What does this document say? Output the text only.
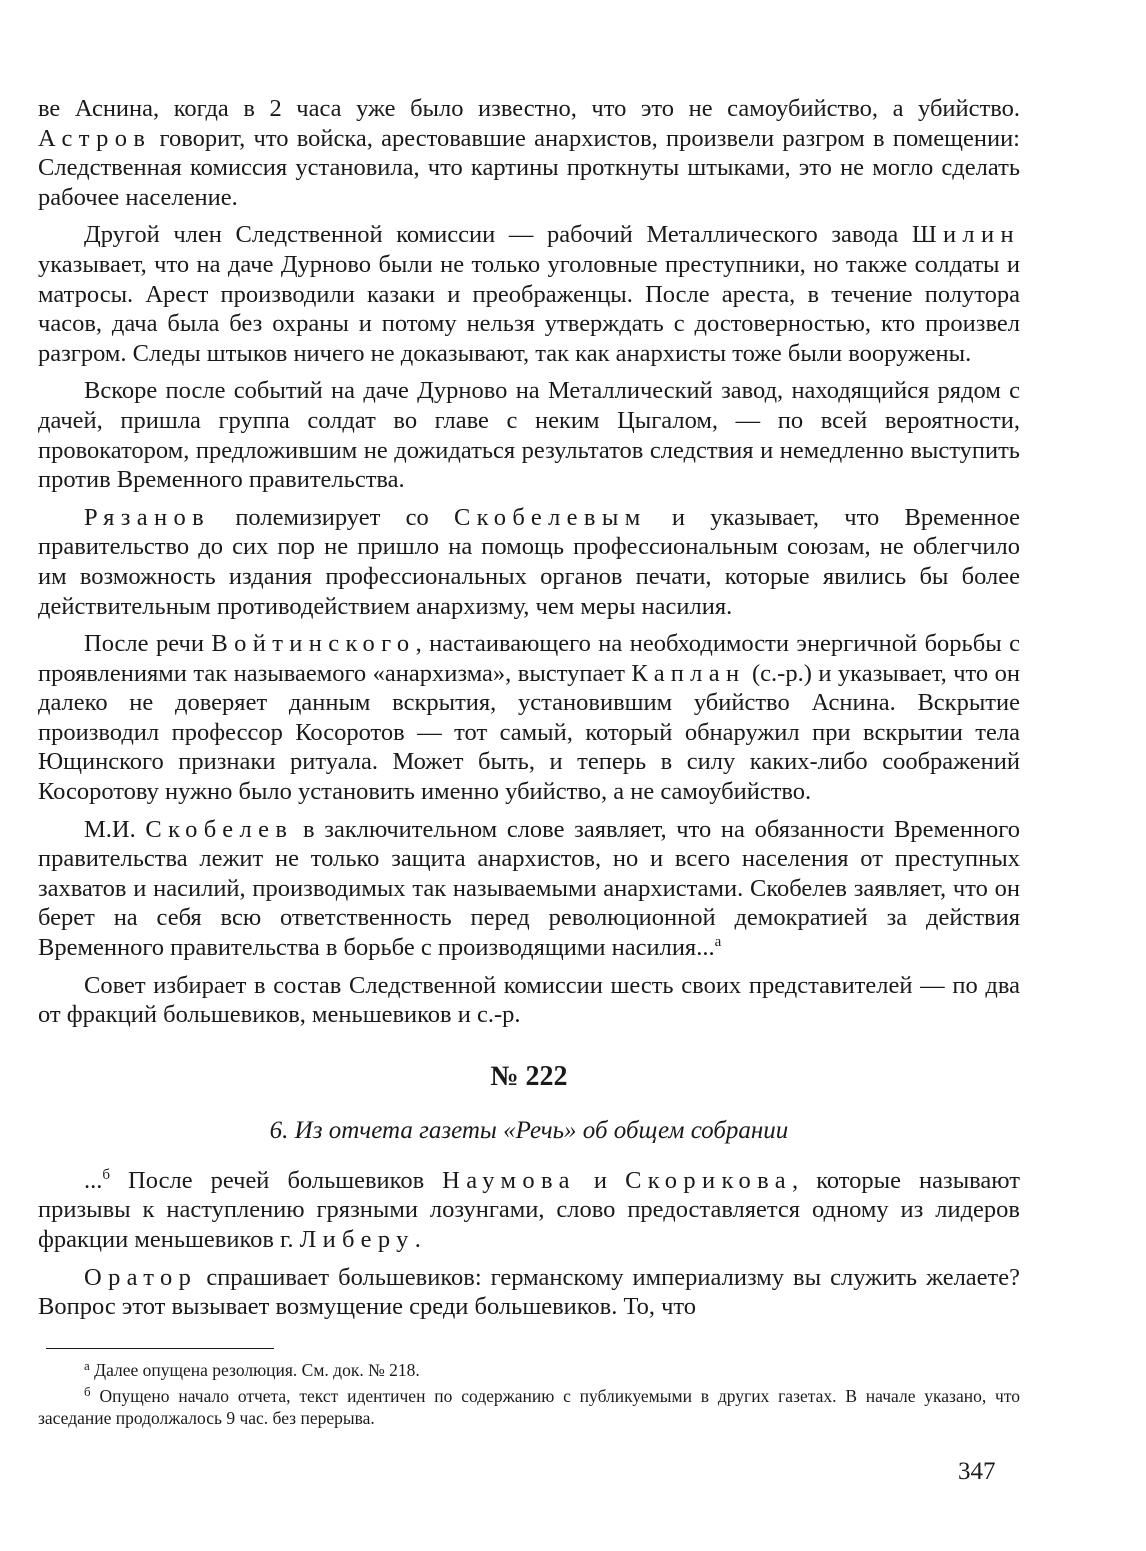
ве Аснина, когда в 2 часа уже было известно, что это не самоубийство, а убийство. Астров говорит, что войска, арестовавшие анархистов, произвели разгром в помещении: Следственная комиссия установила, что картины проткнуты штыками, это не могло сделать рабочее население.

Другой член Следственной комиссии — рабочий Металлического завода Шилин указывает, что на даче Дурново были не только уголовные преступники, но также солдаты и матросы. Арест производили казаки и преображенцы. После ареста, в течение полутора часов, дача была без охраны и потому нельзя утверждать с достоверностью, кто произвел разгром. Следы штыков ничего не доказывают, так как анархисты тоже были вооружены.

Вскоре после событий на даче Дурново на Металлический завод, находящийся рядом с дачей, пришла группа солдат во главе с неким Цыгалом, — по всей вероятности, провокатором, предложившим не дожидаться результатов следствия и немедленно выступить против Временного правительства.

Рязанов полемизирует со Скобелевым и указывает, что Временное правительство до сих пор не пришло на помощь профессиональным союзам, не облегчило им возможность издания профессиональных органов печати, которые явились бы более действительным противодействием анархизму, чем меры насилия.

После речи Войтинского, настаивающего на необходимости энергичной борьбы с проявлениями так называемого «анархизма», выступает Каплан (с.-р.) и указывает, что он далеко не доверяет данным вскрытия, установившим убийство Аснина. Вскрытие производил профессор Косоротов — тот самый, который обнаружил при вскрытии тела Ющинского признаки ритуала. Может быть, и теперь в силу каких-либо соображений Косоротову нужно было установить именно убийство, а не самоубийство.

М.И. Скобелев в заключительном слове заявляет, что на обязанности Временного правительства лежит не только защита анархистов, но и всего населения от преступных захватов и насилий, производимых так называемыми анархистами. Скобелев заявляет, что он берет на себя всю ответственность перед революционной демократией за действия Временного правительства в борьбе с производящими насилия...$^а$

Совет избирает в состав Следственной комиссии шесть своих представителей — по два от фракций большевиков, меньшевиков и с.-р.

№ 222
6. Из отчета газеты «Речь» об общем собрании

...$^б$ После речей большевиков Наумова и Скорикова, которые называют призывы к наступлению грязными лозунгами, слово предоставляется одному из лидеров фракции меньшевиков г. Либеру.

Оратор спрашивает большевиков: германскому империализму вы служить желаете? Вопрос этот вызывает возмущение среди большевиков. То, что

$^а$ Далее опущена резолюция. См. док. № 218.

$^б$ Опущено начало отчета, текст идентичен по содержанию с публикуемыми в других газетах. В начале указано, что заседание продолжалось 9 час. без перерыва.

347
